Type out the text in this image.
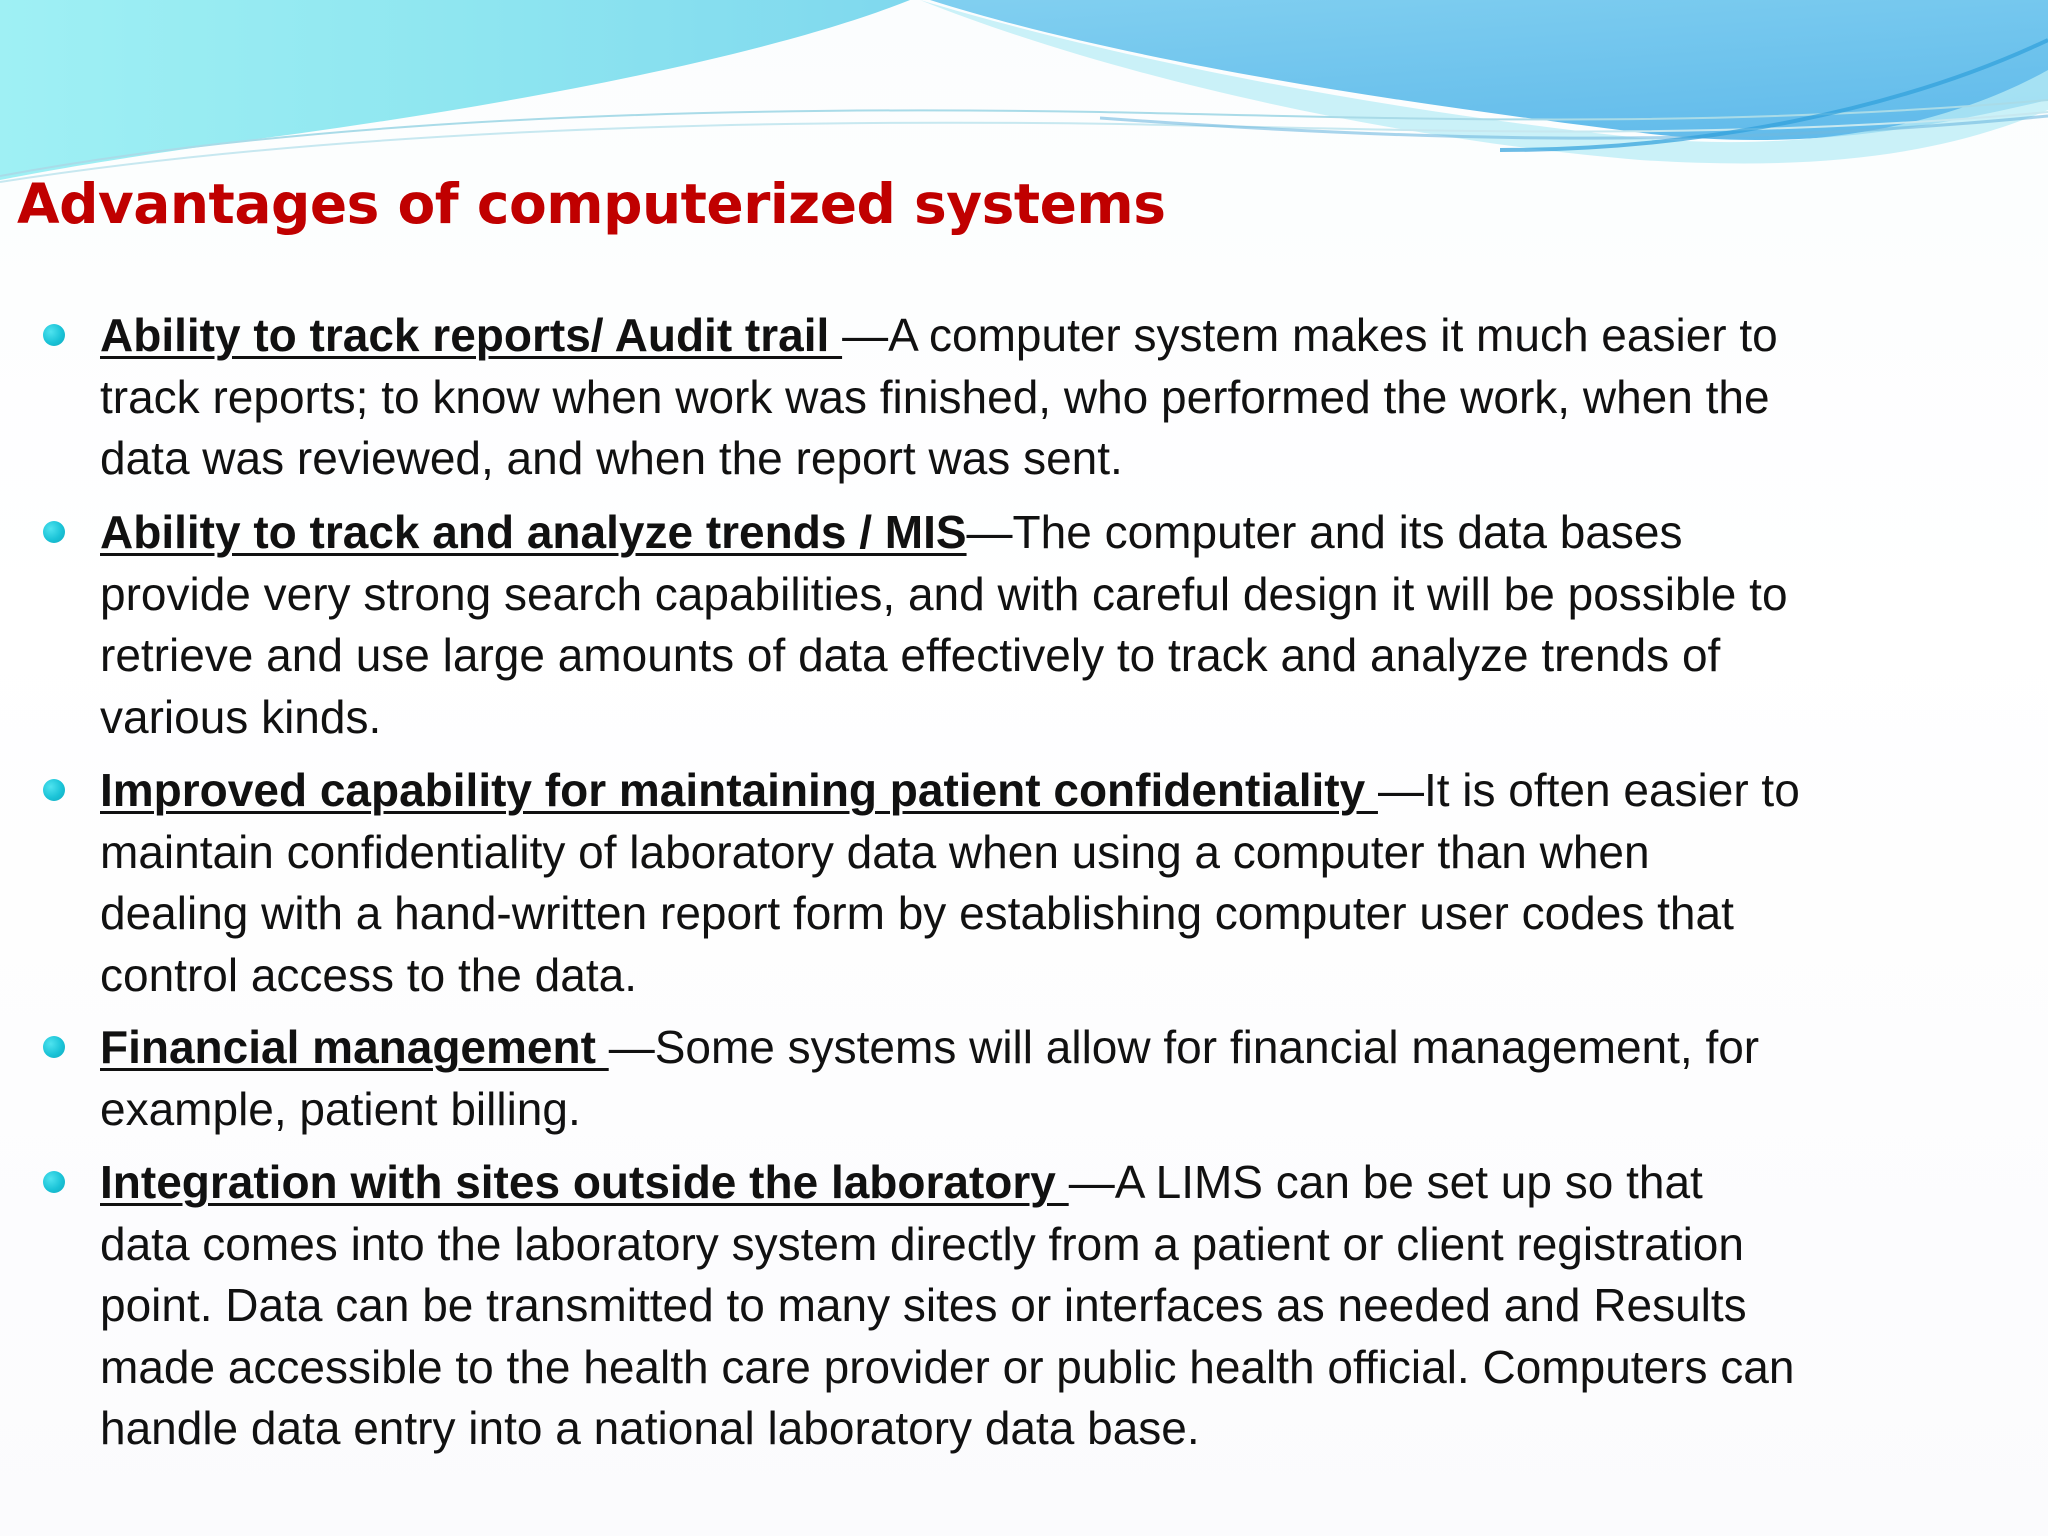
Advantages of computerized systems
Ability to track reports/ Audit trail —A computer system makes it much easier to
track reports; to know when work was finished, who performed the work, when the
data was reviewed, and when the report was sent.
Ability to track and analyze trends / MIS—The computer and its data bases
provide very strong search capabilities, and with careful design it will be possible to
retrieve and use large amounts of data effectively to track and analyze trends of
various kinds.
Improved capability for maintaining patient confidentiality —It is often easier to
maintain confidentiality of laboratory data when using a computer than when
dealing with a hand-written report form by establishing computer user codes that
control access to the data.
Financial management —Some systems will allow for financial management, for
example, patient billing.
Integration with sites outside the laboratory —A LIMS can be set up so that
data comes into the laboratory system directly from a patient or client registration
point. Data can be transmitted to many sites or interfaces as needed and Results
made accessible to the health care provider or public health official. Computers can
handle data entry into a national laboratory data base.
